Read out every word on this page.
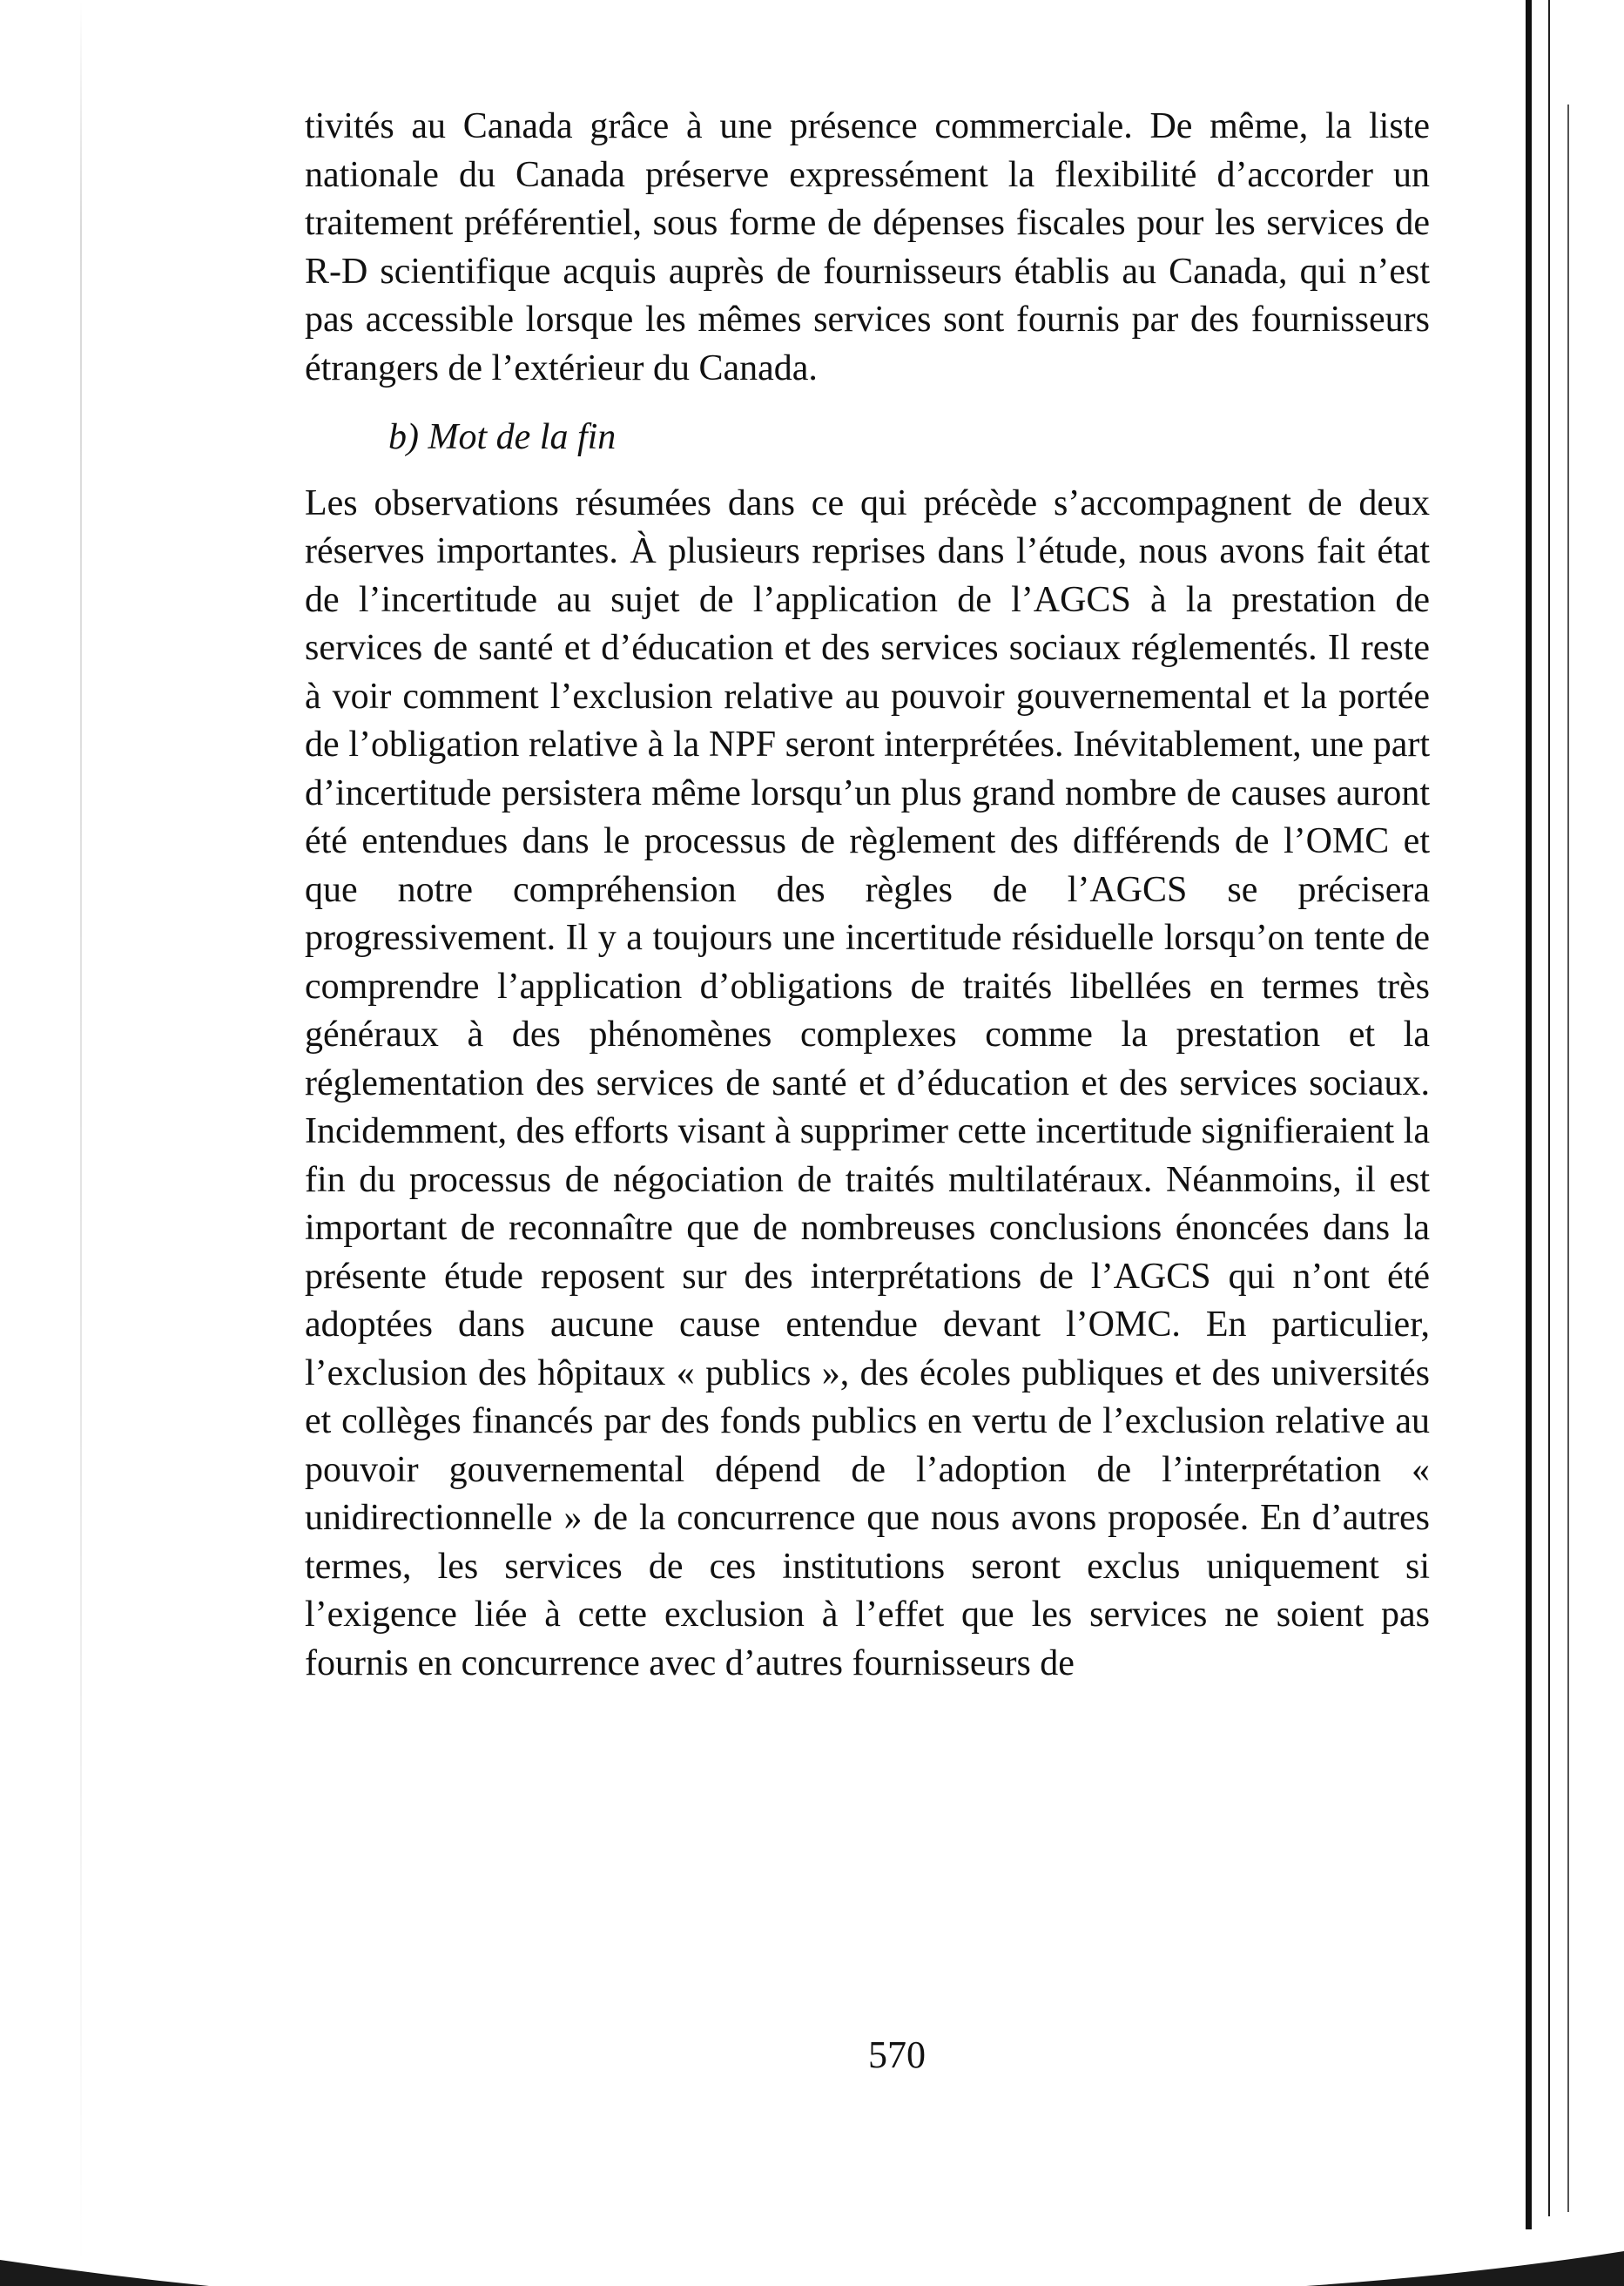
tivités au Canada grâce à une présence commerciale. De même, la liste nationale du Canada préserve expressément la flexibilité d’accorder un traitement préférentiel, sous forme de dépenses fiscales pour les services de R-D scientifique acquis auprès de fournisseurs établis au Canada, qui n’est pas accessible lorsque les mêmes services sont fournis par des fournisseurs étrangers de l’extérieur du Canada.

b) Mot de la fin

Les observations résumées dans ce qui précède s’accompagnent de deux réserves importantes. À plusieurs reprises dans l’étude, nous avons fait état de l’incertitude au sujet de l’application de l’AGCS à la prestation de services de santé et d’éducation et des services sociaux réglementés. Il reste à voir comment l’exclusion relative au pouvoir gouvernemental et la portée de l’obligation relative à la NPF seront interprétées. Inévitablement, une part d’incertitude persistera même lorsqu’un plus grand nombre de causes auront été entendues dans le processus de règlement des différends de l’OMC et que notre compréhension des règles de l’AGCS se précisera progressivement. Il y a toujours une incertitude résiduelle lorsqu’on tente de comprendre l’application d’obligations de traités libellées en termes très généraux à des phénomènes complexes comme la prestation et la réglementation des services de santé et d’éducation et des services sociaux. Incidemment, des efforts visant à supprimer cette incertitude signifieraient la fin du processus de négociation de traités multilatéraux. Néanmoins, il est important de reconnaître que de nombreuses conclusions énoncées dans la présente étude reposent sur des interprétations de l’AGCS qui n’ont été adoptées dans aucune cause entendue devant l’OMC. En particulier, l’exclusion des hôpitaux « publics », des écoles publiques et des universités et collèges financés par des fonds publics en vertu de l’exclusion relative au pouvoir gouvernemental dépend de l’adoption de l’interprétation « unidirectionnelle » de la concurrence que nous avons proposée. En d’autres termes, les services de ces institutions seront exclus uniquement si l’exigence liée à cette exclusion à l’effet que les services ne soient pas fournis en concurrence avec d’autres fournisseurs de

570
